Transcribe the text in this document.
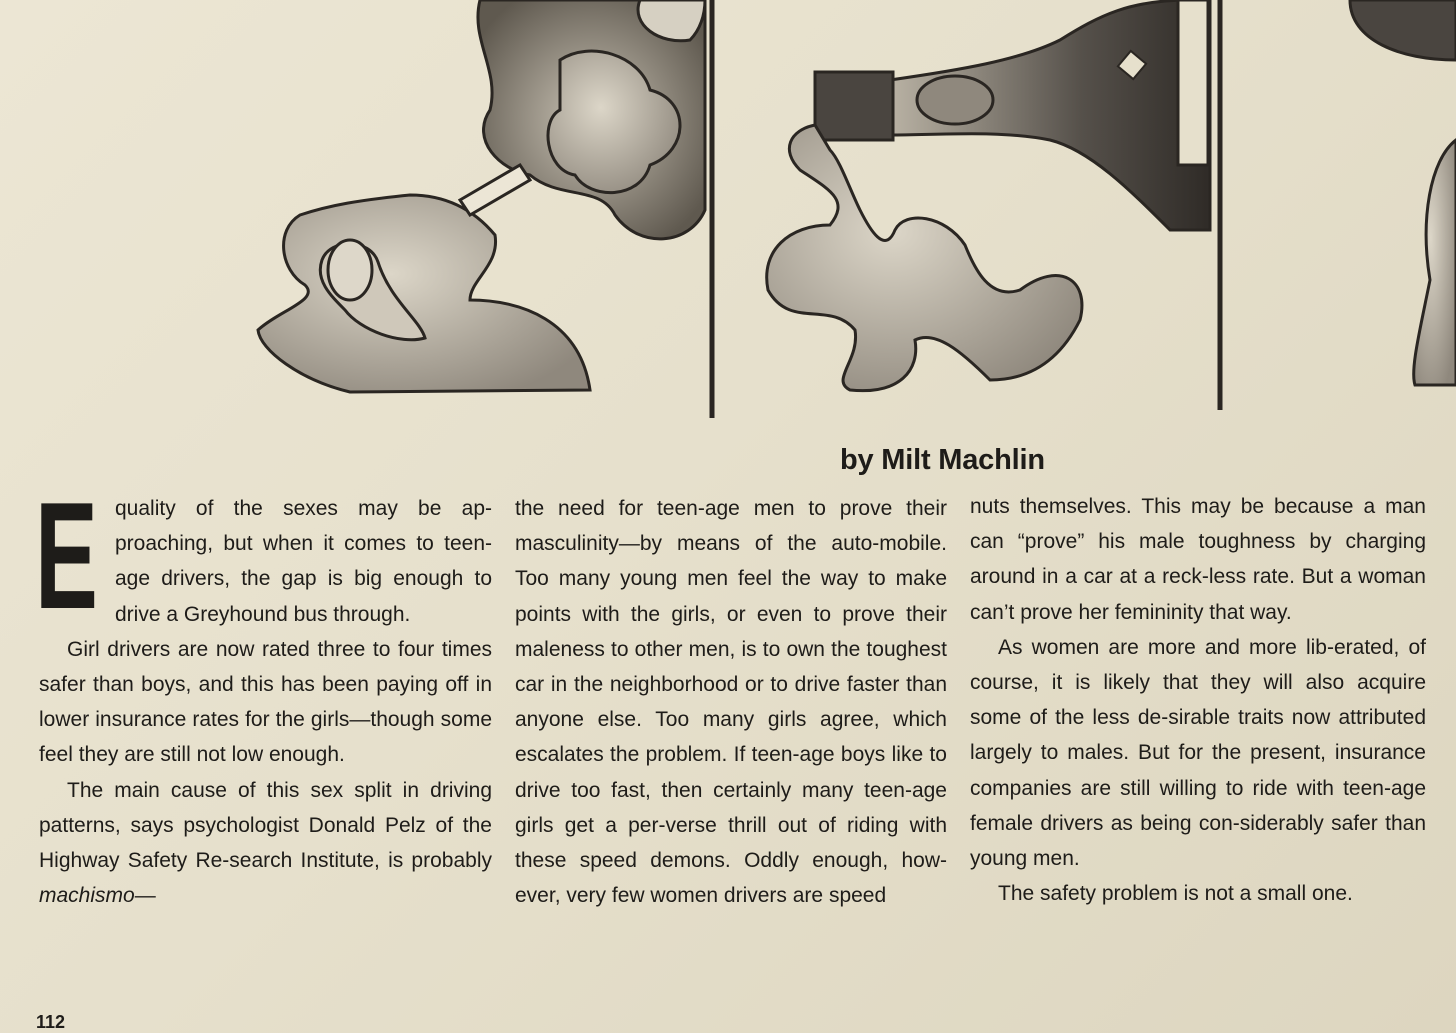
by Milt Machlin

Equality of the sexes may be ap-proaching, but when it comes to teen-age drivers, the gap is big enough to drive a Greyhound bus through.

Girl drivers are now rated three to four times safer than boys, and this has been paying off in lower insurance rates for the girls—though some feel they are still not low enough.

The main cause of this sex split in driving patterns, says psychologist Donald Pelz of the Highway Safety Re-search Institute, is probably machismo—

the need for teen-age men to prove their masculinity—by means of the auto-mobile. Too many young men feel the way to make points with the girls, or even to prove their maleness to other men, is to own the toughest car in the neighborhood or to drive faster than anyone else. Too many girls agree, which escalates the problem. If teen-age boys like to drive too fast, then certainly many teen-age girls get a per-verse thrill out of riding with these speed demons. Oddly enough, how-ever, very few women drivers are speed

nuts themselves. This may be because a man can “prove” his male toughness by charging around in a car at a reck-less rate. But a woman can’t prove her femininity that way.

As women are more and more lib-erated, of course, it is likely that they will also acquire some of the less de-sirable traits now attributed largely to males. But for the present, insurance companies are still willing to ride with teen-age female drivers as being con-siderably safer than young men.

The safety problem is not a small one.

112
